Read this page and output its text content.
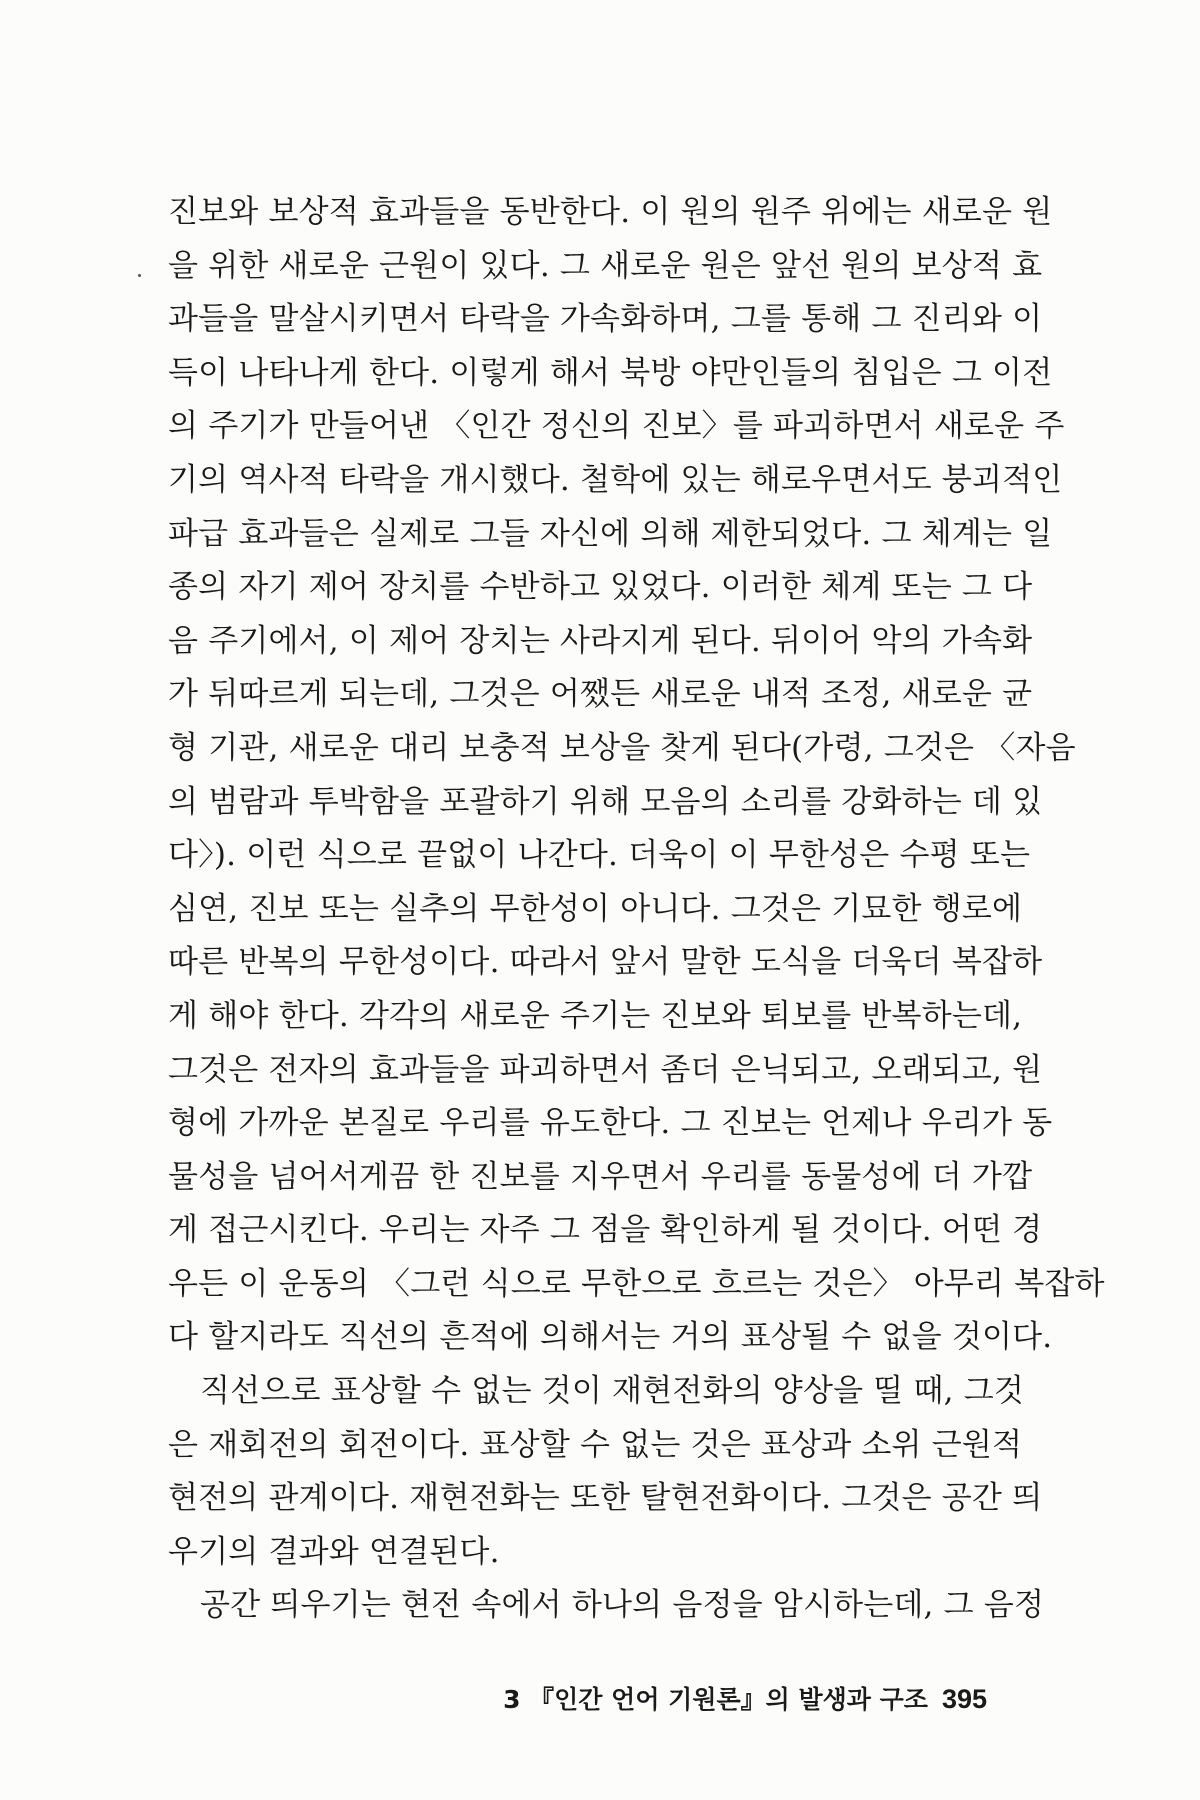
진보와 보상적 효과들을 동반한다. 이 원의 원주 위에는 새로운 원
을 위한 새로운 근원이 있다. 그 새로운 원은 앞선 원의 보상적 효
과들을 말살시키면서 타락을 가속화하며, 그를 통해 그 진리와 이
득이 나타나게 한다. 이렇게 해서 북방 야만인들의 침입은 그 이전
의 주기가 만들어낸 〈인간 정신의 진보〉를 파괴하면서 새로운 주
기의 역사적 타락을 개시했다. 철학에 있는 해로우면서도 붕괴적인
파급 효과들은 실제로 그들 자신에 의해 제한되었다. 그 체계는 일
종의 자기 제어 장치를 수반하고 있었다. 이러한 체계 또는 그 다
음 주기에서, 이 제어 장치는 사라지게 된다. 뒤이어 악의 가속화
가 뒤따르게 되는데, 그것은 어쨌든 새로운 내적 조정, 새로운 균
형 기관, 새로운 대리 보충적 보상을 찾게 된다(가령, 그것은 〈자음
의 범람과 투박함을 포괄하기 위해 모음의 소리를 강화하는 데 있
다〉). 이런 식으로 끝없이 나간다. 더욱이 이 무한성은 수평 또는
심연, 진보 또는 실추의 무한성이 아니다. 그것은 기묘한 행로에
따른 반복의 무한성이다. 따라서 앞서 말한 도식을 더욱더 복잡하
게 해야 한다. 각각의 새로운 주기는 진보와 퇴보를 반복하는데,
그것은 전자의 효과들을 파괴하면서 좀더 은닉되고, 오래되고, 원
형에 가까운 본질로 우리를 유도한다. 그 진보는 언제나 우리가 동
물성을 넘어서게끔 한 진보를 지우면서 우리를 동물성에 더 가깝
게 접근시킨다. 우리는 자주 그 점을 확인하게 될 것이다. 어떤 경
우든 이 운동의 〈그런 식으로 무한으로 흐르는 것은〉 아무리 복잡하
다 할지라도 직선의 흔적에 의해서는 거의 표상될 수 없을 것이다.
직선으로 표상할 수 없는 것이 재현전화의 양상을 띨 때, 그것
은 재회전의 회전이다. 표상할 수 없는 것은 표상과 소위 근원적
현전의 관계이다. 재현전화는 또한 탈현전화이다. 그것은 공간 띄
우기의 결과와 연결된다.
공간 띄우기는 현전 속에서 하나의 음정을 암시하는데, 그 음정
3 『인간 언어 기원론』의 발생과 구조 395
